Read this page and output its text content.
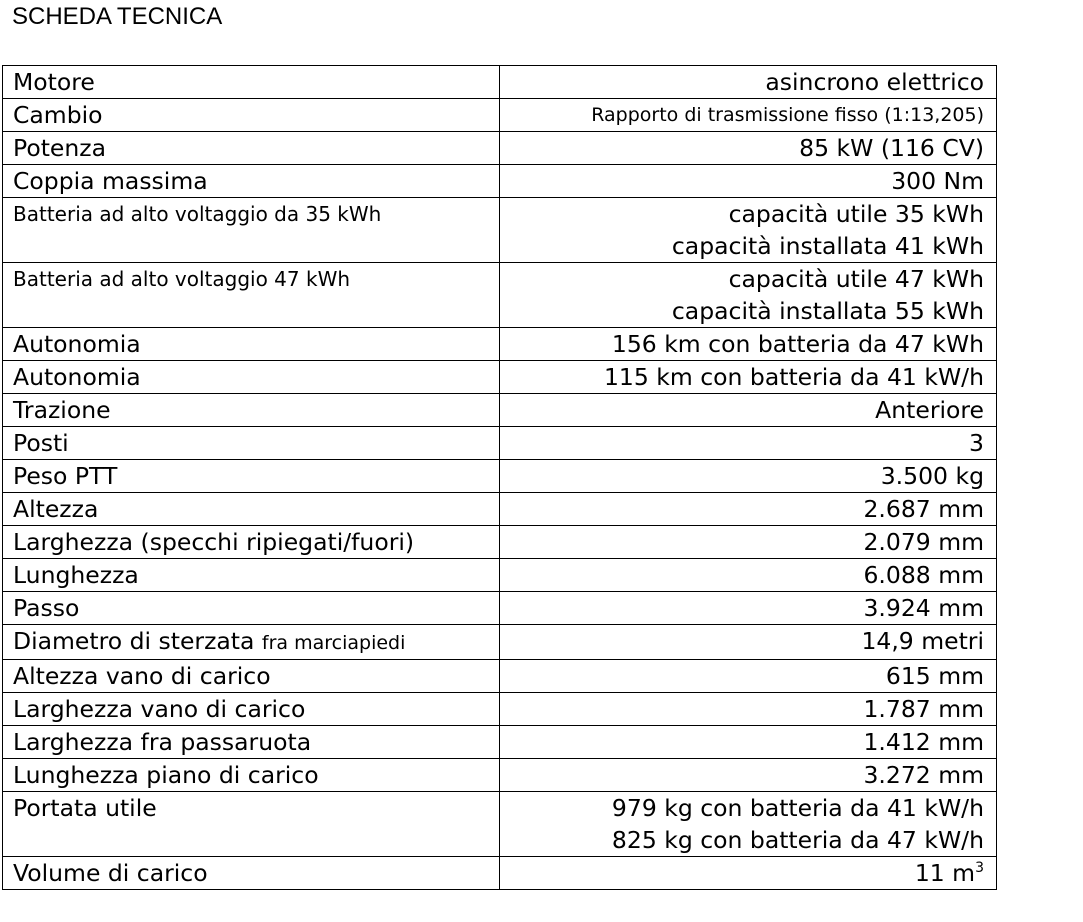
SCHEDA TECNICA
Motore	asincrono elettrico
Cambio	Rapporto di trasmissione fisso (1:13,205)
Potenza	85 kW (116 CV)
Coppia massima	300 Nm
Batteria ad alto voltaggio da 35 kWh	capacità utile 35 kWh
capacità installata 41 kWh

Batteria ad alto voltaggio 47 kWh	capacità utile 47 kWh
capacità installata 55 kWh

Autonomia	156 km con batteria da 47 kWh
Autonomia	115 km con batteria da 41 kW/h
Trazione	Anteriore
Posti	3
Peso PTT	3.500 kg
Altezza	2.687 mm
Larghezza (specchi ripiegati/fuori)	2.079 mm
Lunghezza	6.088 mm
Passo	3.924 mm
Diametro di sterzata fra marciapiedi	14,9 metri
Altezza vano di carico	615 mm
Larghezza vano di carico	1.787 mm
Larghezza fra passaruota	1.412 mm
Lunghezza piano di carico	3.272 mm
Portata utile	979 kg con batteria da 41 kW/h
825 kg con batteria da 47 kW/h

Volume di carico	11 $m^3$
